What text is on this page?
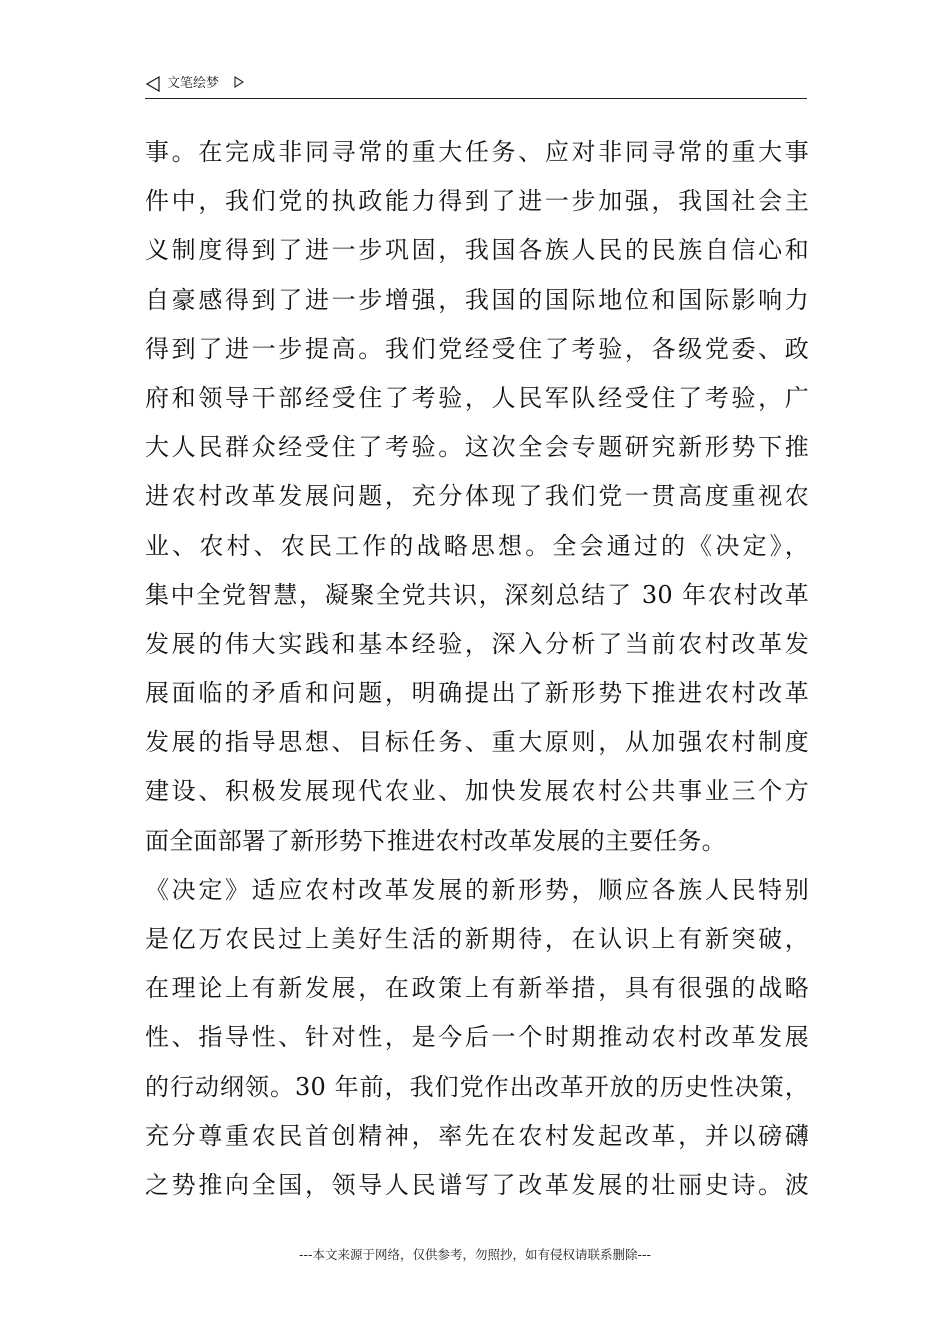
文笔绘梦
事。在完成非同寻常的重大任务、应对非同寻常的重大事
件中，我们党的执政能力得到了进一步加强，我国社会主
义制度得到了进一步巩固，我国各族人民的民族自信心和
自豪感得到了进一步增强，我国的国际地位和国际影响力
得到了进一步提高。我们党经受住了考验，各级党委、政
府和领导干部经受住了考验，人民军队经受住了考验，广
大人民群众经受住了考验。这次全会专题研究新形势下推
进农村改革发展问题，充分体现了我们党一贯高度重视农
业、农村、农民工作的战略思想。全会通过的《决定》，
集中全党智慧，凝聚全党共识，深刻总结了 30 年农村改革
发展的伟大实践和基本经验，深入分析了当前农村改革发
展面临的矛盾和问题，明确提出了新形势下推进农村改革
发展的指导思想、目标任务、重大原则，从加强农村制度
建设、积极发展现代农业、加快发展农村公共事业三个方
面全面部署了新形势下推进农村改革发展的主要任务。
《决定》适应农村改革发展的新形势，顺应各族人民特别
是亿万农民过上美好生活的新期待，在认识上有新突破，
在理论上有新发展，在政策上有新举措，具有很强的战略
性、指导性、针对性，是今后一个时期推动农村改革发展
的行动纲领。30 年前，我们党作出改革开放的历史性决策，
充分尊重农民首创精神，率先在农村发起改革，并以磅礴
之势推向全国，领导人民谱写了改革发展的壮丽史诗。波
---本文来源于网络，仅供参考，勿照抄，如有侵权请联系删除---
